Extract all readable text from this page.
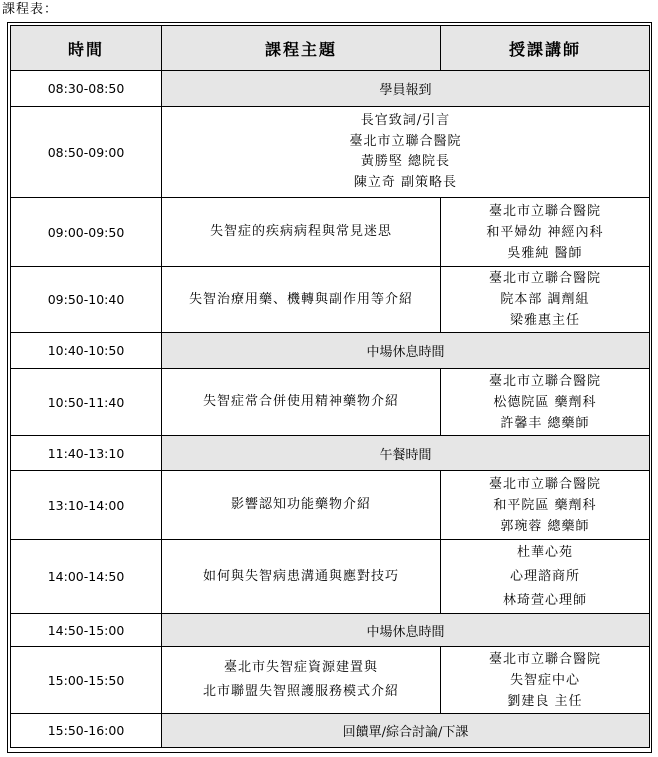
課程表：
時間	課程主題	授課講師
08:30-08:50	學員報到	
08:50-09:00	長官致詞/引言
臺北市立聯合醫院
黃勝堅 總院長
陳立奇 副策略長	

09:00-09:50	失智症的疾病病程與常見迷思	臺北市立聯合醫院
和平婦幼 神經內科
吳雅純 醫師

09:50-10:40	失智治療用藥、機轉與副作用等介紹	臺北市立聯合醫院
院本部 調劑組
梁雅惠主任

10:40-10:50	中場休息時間	
10:50-11:40	失智症常合併使用精神藥物介紹	臺北市立聯合醫院
松德院區 藥劑科
許馨丰 總藥師

11:40-13:10	午餐時間	
13:10-14:00	影響認知功能藥物介紹	臺北市立聯合醫院
和平院區 藥劑科
郭琬蓉 總藥師

14:00-14:50	如何與失智病患溝通與應對技巧	杜華心苑
心理諮商所
林琦萱心理師

14:50-15:00	中場休息時間	
15:00-15:50	臺北市失智症資源建置與
北市聯盟失智照護服務模式介紹	臺北市立聯合醫院
失智症中心
劉建良 主任

15:50-16:00	回饋單/綜合討論/下課	
